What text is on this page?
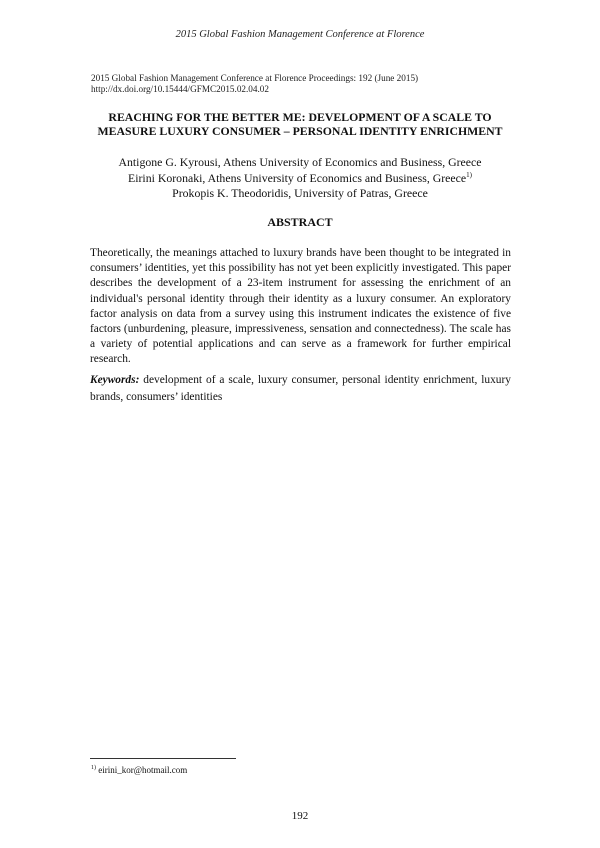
2015 Global Fashion Management Conference at Florence
2015 Global Fashion Management Conference at Florence Proceedings: 192 (June 2015)
http://dx.doi.org/10.15444/GFMC2015.02.04.02
REACHING FOR THE BETTER ME: DEVELOPMENT OF A SCALE TO
MEASURE LUXURY CONSUMER – PERSONAL IDENTITY ENRICHMENT
Antigone G. Kyrousi, Athens University of Economics and Business, Greece
Eirini Koronaki, Athens University of Economics and Business, Greece$^{1)}$
Prokopis K. Theodoridis, University of Patras, Greece
ABSTRACT
Theoretically, the meanings attached to luxury brands have been thought to be integrated in consumers’ identities, yet this possibility has not yet been explicitly investigated. This paper describes the development of a 23-item instrument for assessing the enrichment of an individual's personal identity through their identity as a luxury consumer. An exploratory factor analysis on data from a survey using this instrument indicates the existence of five factors (unburdening, pleasure, impressiveness, sensation and connectedness). The scale has a variety of potential applications and can serve as a framework for further empirical research.
Keywords: development of a scale, luxury consumer, personal identity enrichment, luxury brands, consumers’ identities
$^{1)}$ eirini_kor@hotmail.com
192
